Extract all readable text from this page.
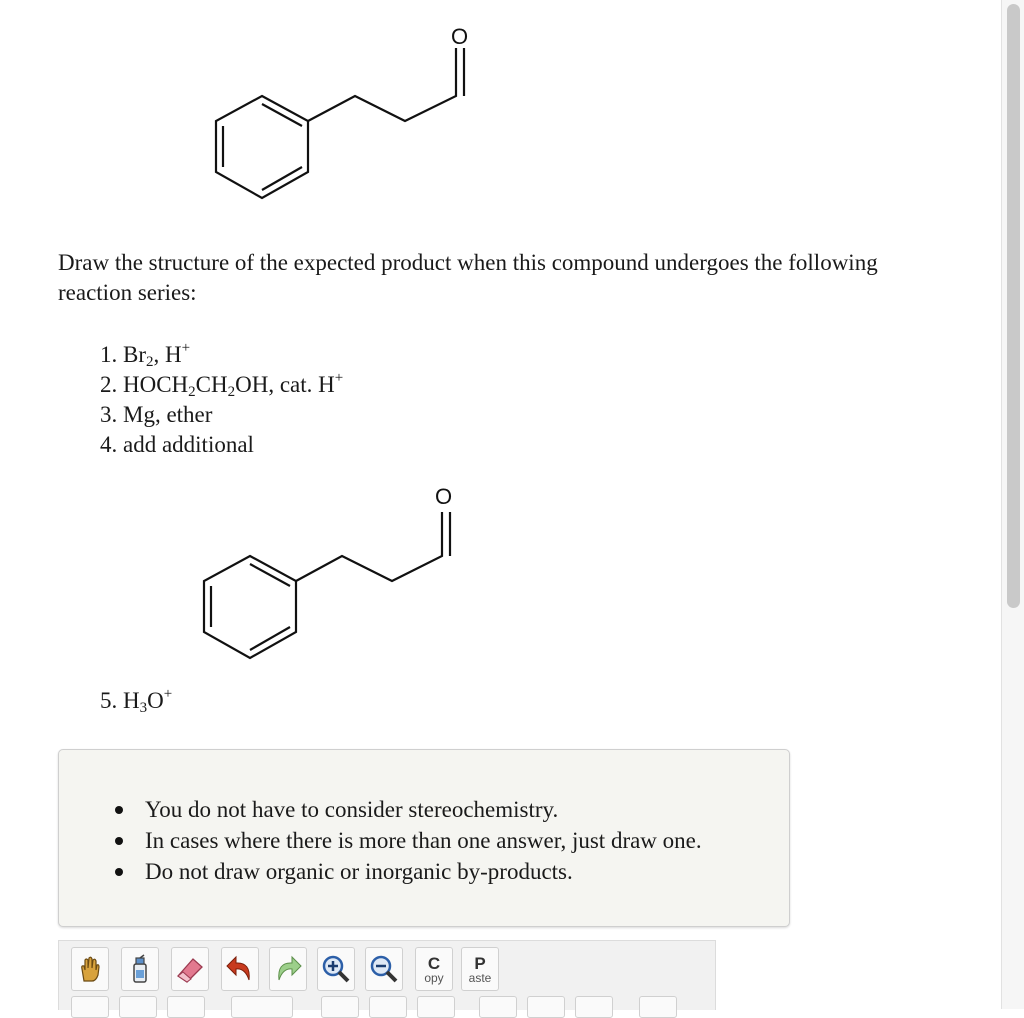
O

Draw the structure of the expected product when this compound undergoes the following reaction series:

1. $Br_2$, H+
2. $HOCH_2CH_2OH$, cat. H+
3. Mg, ether
4. add additional
O
5. $H_3O^+$
You do not have to consider stereochemistry.
In cases where there is more than one answer, just draw one.
Do not draw organic or inorganic by-products.
C
opy
P
aste
